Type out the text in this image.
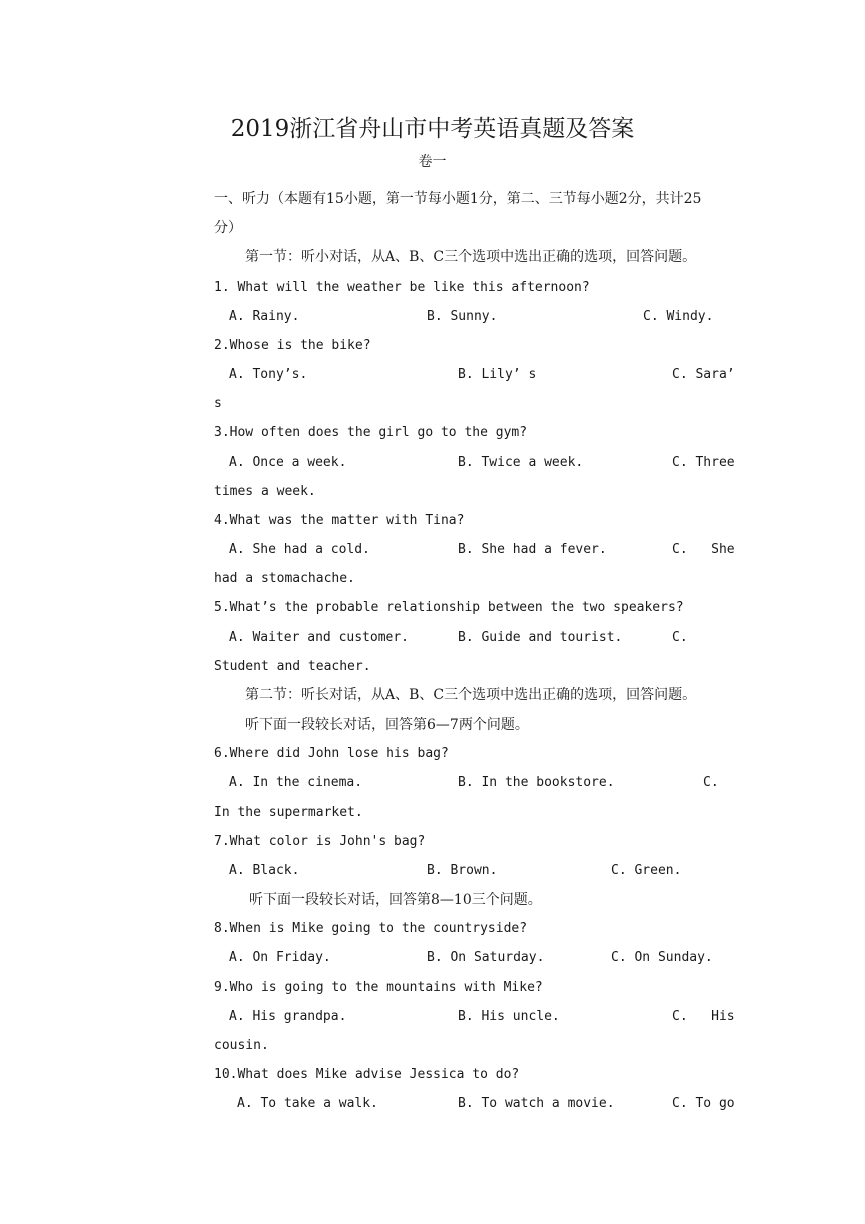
2019浙江省舟山市中考英语真题及答案
卷一
一、听力（本题有15小题，第一节每小题1分，第二、三节每小题2分，共计25
分）
第一节：听小对话，从A、B、C三个选项中选出正确的选项，回答问题。
1. What will the weather be like this afternoon?
A. Rainy.	B. Sunny.	C. Windy.
2.Whose is the bike?
A. Tony’s.	B. Lily’ s	C. Sara’
s
3.How often does the girl go to the gym?
A. Once a week.	B. Twice a week.	C. Three
times a week.
4.What was the matter with Tina?
A. She had a cold.	B. She had a fever.	C.   She
had a stomachache.
5.What’s the probable relationship between the two speakers?
A. Waiter and customer.	B. Guide and tourist.	C.
Student and teacher.
第二节：听长对话，从A、B、C三个选项中选出正确的选项，回答问题。
听下面一段较长对话，回答第6—7两个问题。
6.Where did John lose his bag?
A. In the cinema.	B. In the bookstore.	C.
In the supermarket.
7.What color is John's bag?
A. Black.	B. Brown.	C. Green.
听下面一段较长对话，回答第8—10三个问题。
8.When is Mike going to the countryside?
A. On Friday.	B. On Saturday.	C. On Sunday.
9.Who is going to the mountains with Mike?
A. His grandpa.	B. His uncle.	C.   His
cousin.
10.What does Mike advise Jessica to do?
A. To take a walk.	B. To watch a movie.	C. To go
